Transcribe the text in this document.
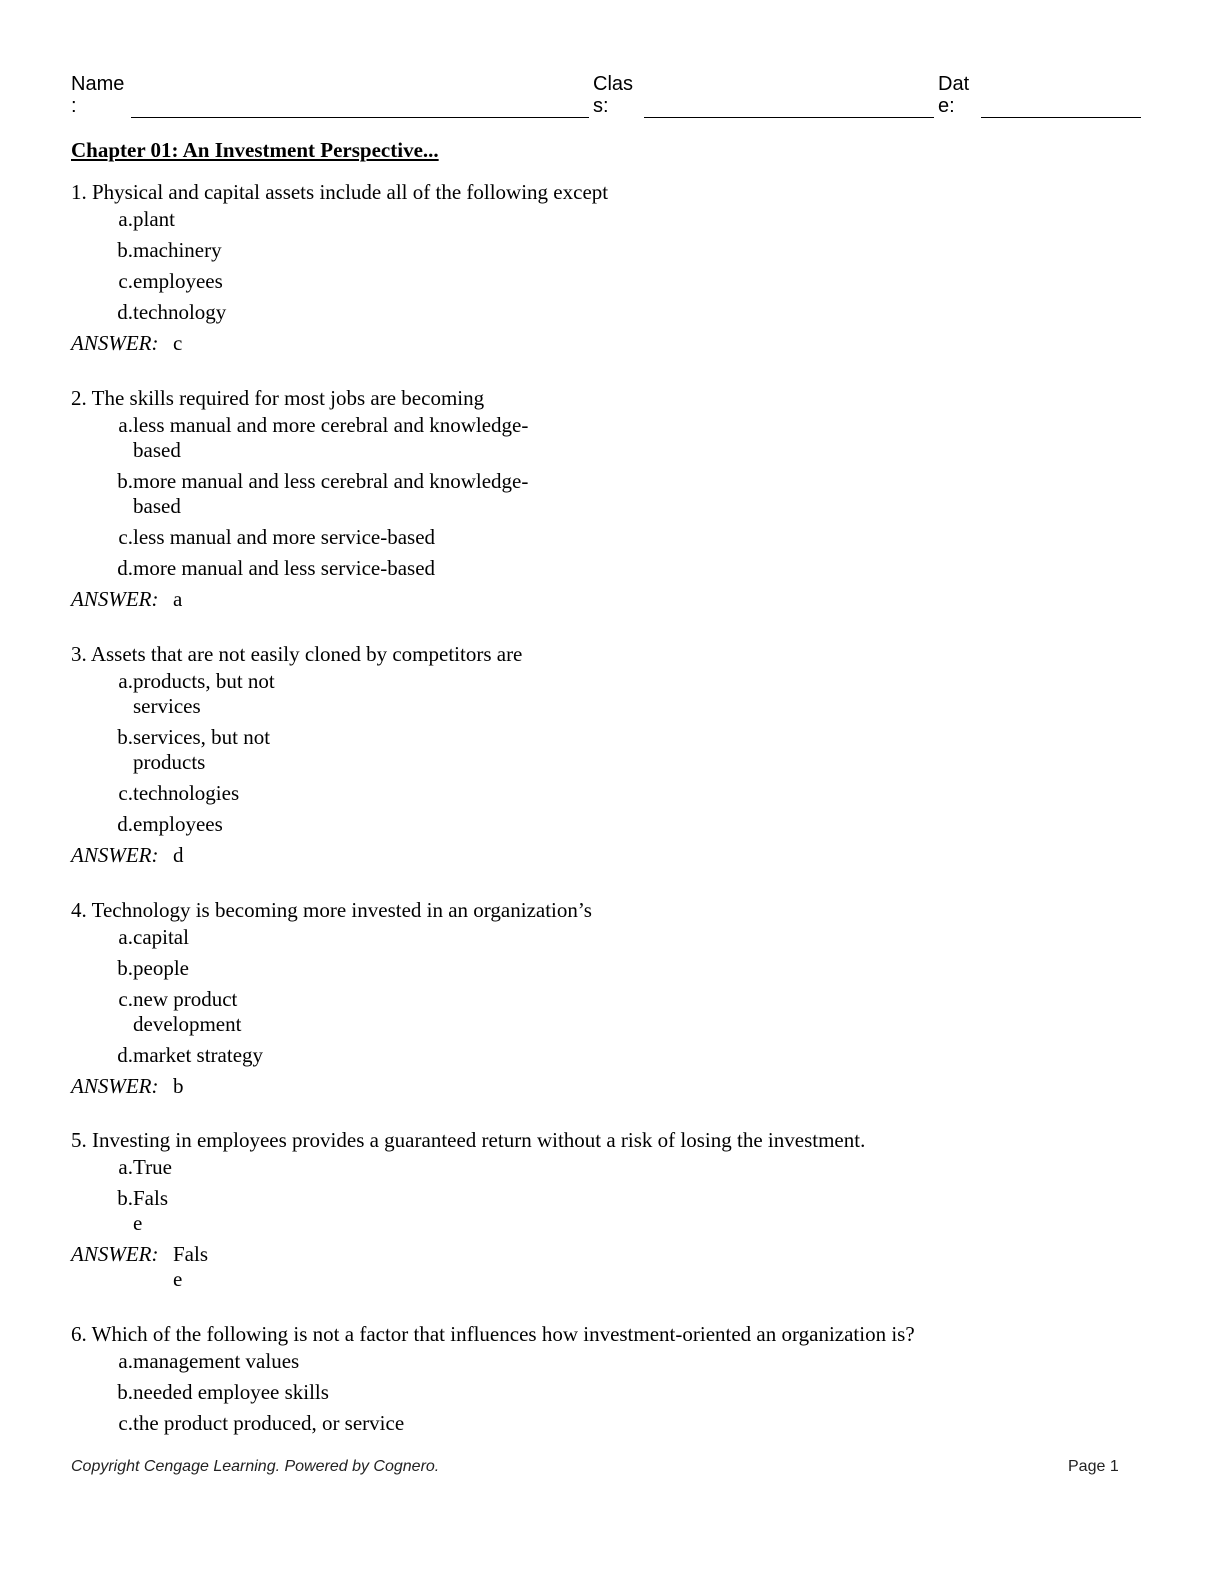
Name
:
Clas
s:
Dat
e:
Chapter 01: An Investment Perspective...
1. Physical and capital assets include all of the following except
a. plant
b. machinery
c. employees
d. technology
ANSWER: c
2. The skills required for most jobs are becoming
a. less manual and more cerebral and knowledge-
based
b. more manual and less cerebral and knowledge-
based
c. less manual and more service-based
d. more manual and less service-based
ANSWER: a
3. Assets that are not easily cloned by competitors are
a. products, but not
services
b. services, but not
products
c. technologies
d. employees
ANSWER: d
4. Technology is becoming more invested in an organization’s
a. capital
b. people
c. new product
development
d. market strategy
ANSWER: b
5. Investing in employees provides a guaranteed return without a risk of losing the investment.
a. True
b. Fals
e
ANSWER: Fals
e
6. Which of the following is not a factor that influences how investment-oriented an organization is?
a. management values
b. needed employee skills
c. the product produced, or service
Copyright Cengage Learning. Powered by Cognero.	Page 1
